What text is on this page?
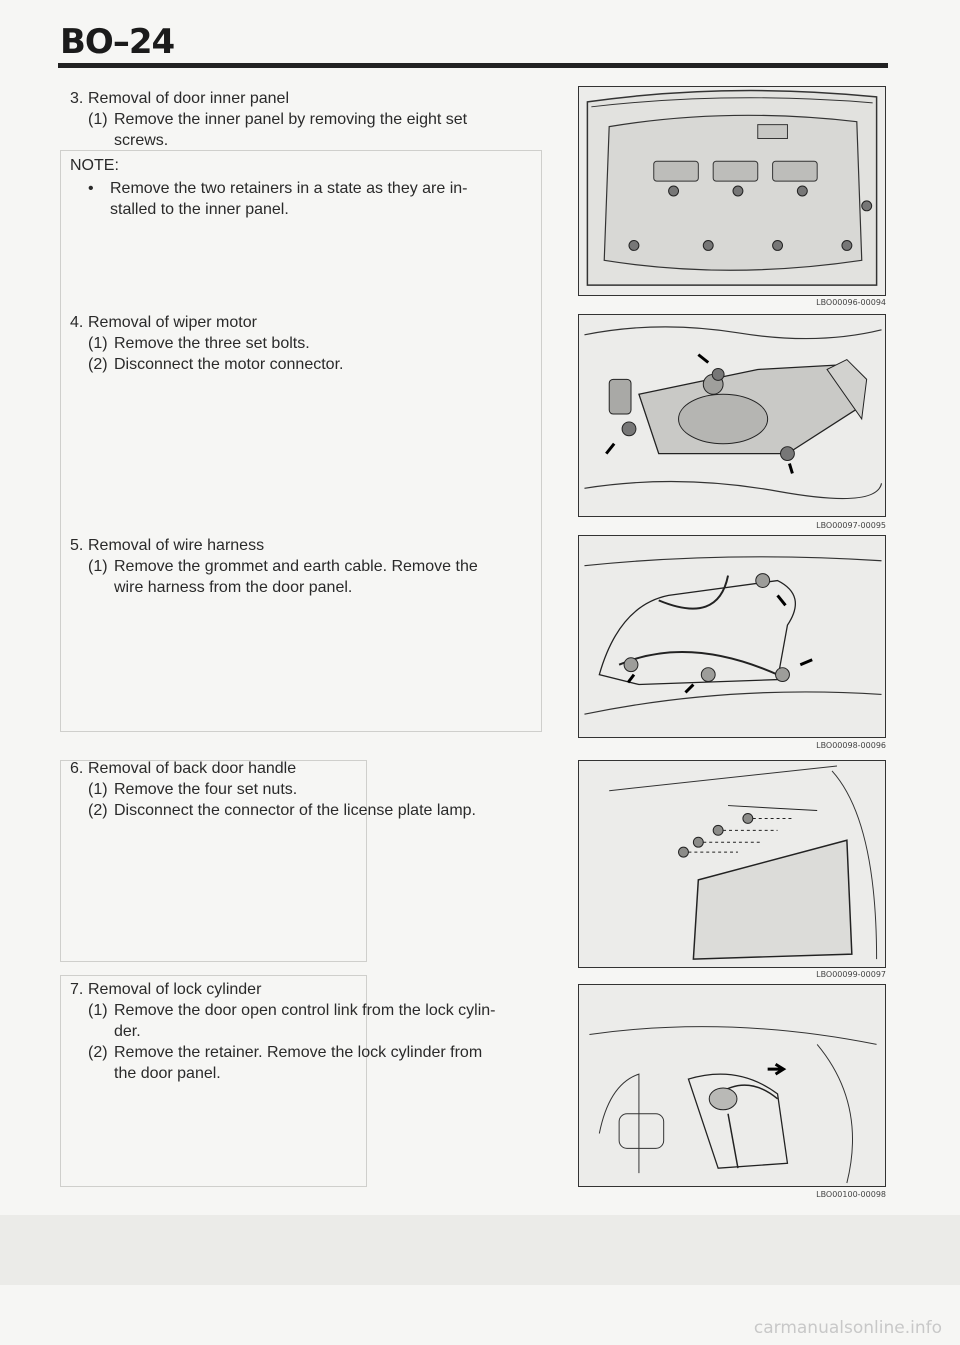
BO–24
3. Removal of door inner panel
(1) Remove the inner panel by removing the eight set
screws.
NOTE:
•	Remove the two retainers in a state as they are in-
stalled to the inner panel.
4. Removal of wiper motor
(1) Remove the three set bolts.
(2) Disconnect the motor connector.
5. Removal of wire harness
(1) Remove the grommet and earth cable. Remove the
wire harness from the door panel.
6. Removal of back door handle
(1) Remove the four set nuts.
(2) Disconnect the connector of the license plate lamp.
7. Removal of lock cylinder
(1) Remove the door open control link from the lock cylin-
der.
(2) Remove the retainer. Remove the lock cylinder from
the door panel.
LBO00096-00094
LBO00097-00095
LBO00098-00096
LBO00099-00097
LBO00100-00098
carmanualsonline.info
